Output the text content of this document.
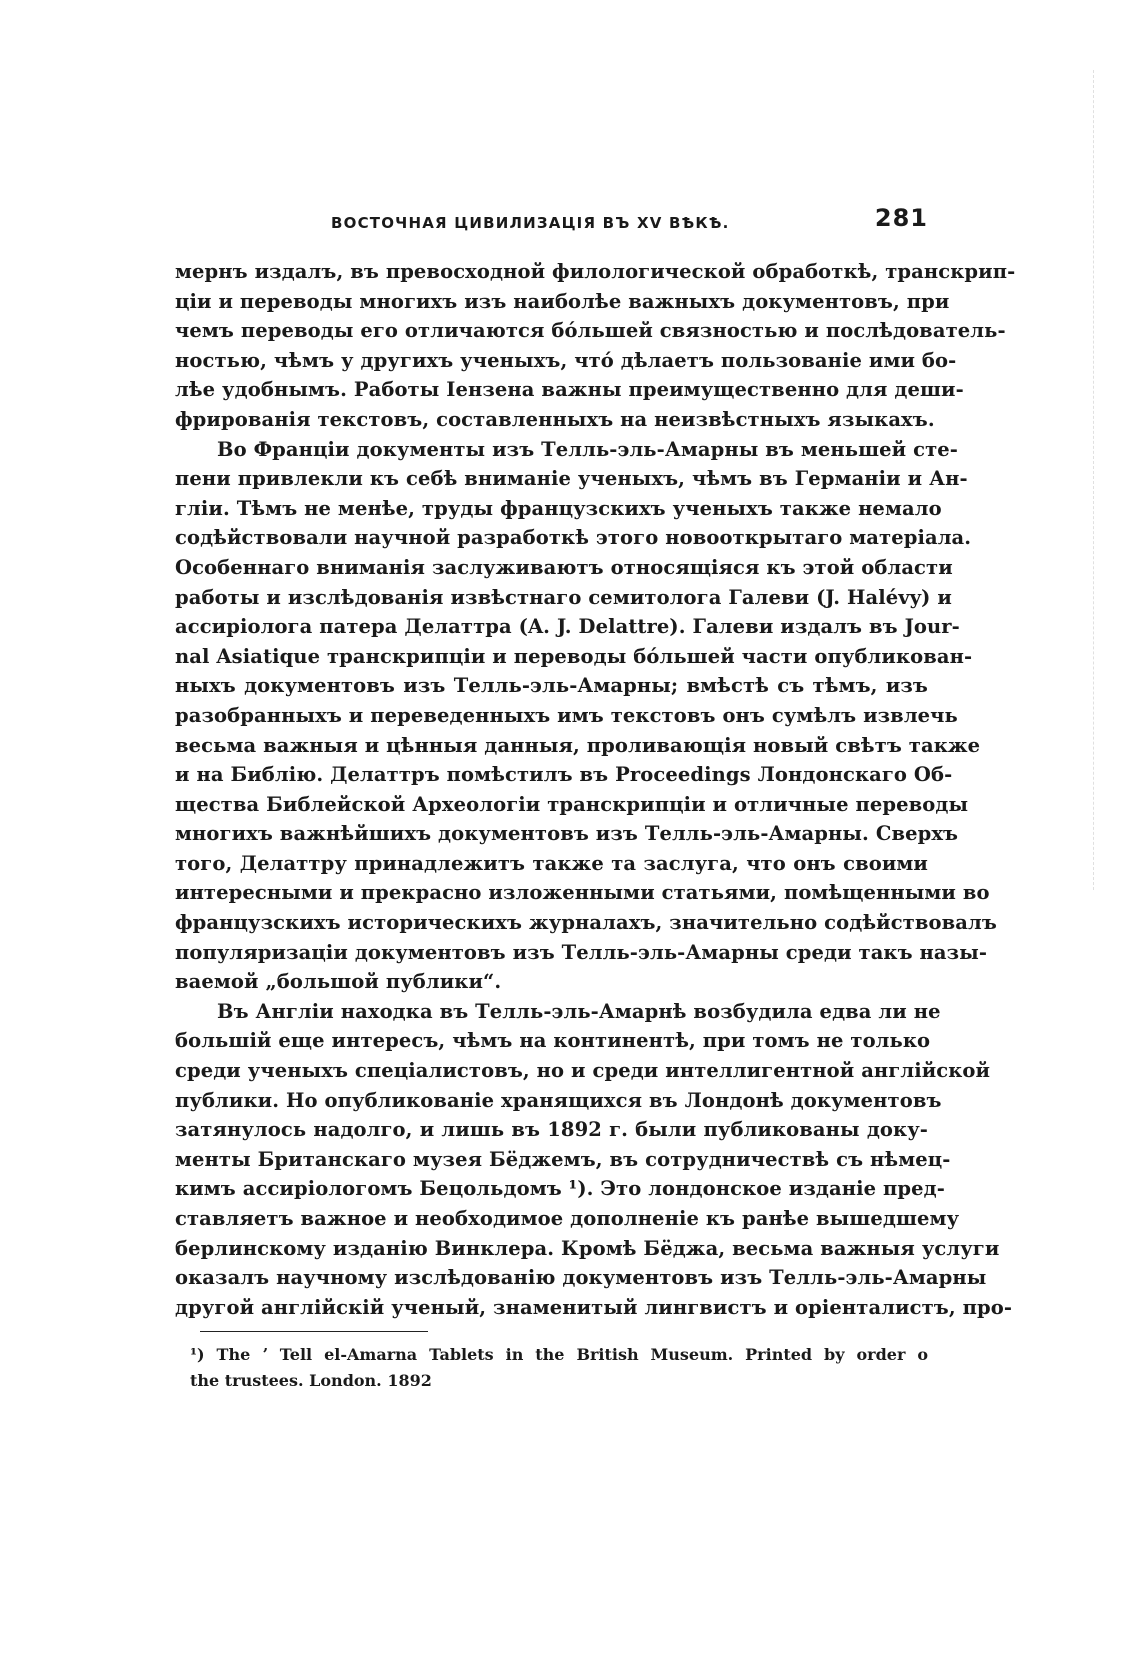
ВОСТОЧНАЯ ЦИВИЛИЗАЦІЯ ВЪ XV ВѢКѢ.	281
мернъ издалъ, въ превосходной филологической обработкѣ, транскрип-
ціи и переводы многихъ изъ наиболѣе важныхъ документовъ, при
чемъ переводы его отличаются бóльшей связностью и послѣдователь-
ностью, чѣмъ у другихъ ученыхъ, что́ дѣлаетъ пользованіе ими бо-
лѣе удобнымъ. Работы Іензена важны преимущественно для деши-
фрированія текстовъ, составленныхъ на неизвѣстныхъ языкахъ.
Во Франціи документы изъ Телль-эль-Амарны въ меньшей сте-
пени привлекли къ себѣ вниманіе ученыхъ, чѣмъ въ Германіи и Ан-
гліи. Тѣмъ не менѣе, труды французскихъ ученыхъ также немало
содѣйствовали научной разработкѣ этого новооткрытаго матеріала.
Особеннаго вниманія заслуживаютъ относящіяся къ этой области
работы и изслѣдованія извѣстнаго семитолога Галеви (J. Halévy) и
ассиріолога патера Делаттра (A. J. Delattre). Галеви издалъ въ Jour-
nal Asiatique транскрипціи и переводы бóльшей части опубликован-
ныхъ документовъ изъ Телль-эль-Амарны; вмѣстѣ съ тѣмъ, изъ
разобранныхъ и переведенныхъ имъ текстовъ онъ сумѣлъ извлечь
весьма важныя и цѣнныя данныя, проливающія новый свѣтъ также
и на Библію. Делаттръ помѣстилъ въ Proceedings Лондонскаго Об-
щества Библейской Археологіи транскрипціи и отличные переводы
многихъ важнѣйшихъ документовъ изъ Телль-эль-Амарны. Сверхъ
того, Делаттру принадлежитъ также та заслуга, что онъ своими
интересными и прекрасно изложенными статьями, помѣщенными во
французскихъ историческихъ журналахъ, значительно содѣйствовалъ
популяризаціи документовъ изъ Телль-эль-Амарны среди такъ назы-
ваемой „большой публики“.
Въ Англіи находка въ Телль-эль-Амарнѣ возбудила едва ли не
большій еще интересъ, чѣмъ на континентѣ, при томъ не только
среди ученыхъ спеціалистовъ, но и среди интеллигентной англійской
публики. Но опубликованіе хранящихся въ Лондонѣ документовъ
затянулось надолго, и лишь въ 1892 г. были публикованы доку-
менты Британскаго музея Бёджемъ, въ сотрудничествѣ съ нѣмец-
кимъ ассиріологомъ Бецольдомъ ¹). Это лондонское изданіе пред-
ставляетъ важное и необходимое дополненіе къ ранѣе вышедшему
берлинскому изданію Винклера. Кромѣ Бёджа, весьма важныя услуги
оказалъ научному изслѣдованію документовъ изъ Телль-эль-Амарны
другой англійскій ученый, знаменитый лингвистъ и оріенталистъ, про-
¹) The ʼ Tell el-Amarna Tablets in the British Museum. Printed by order o
the trustees. London. 1892
